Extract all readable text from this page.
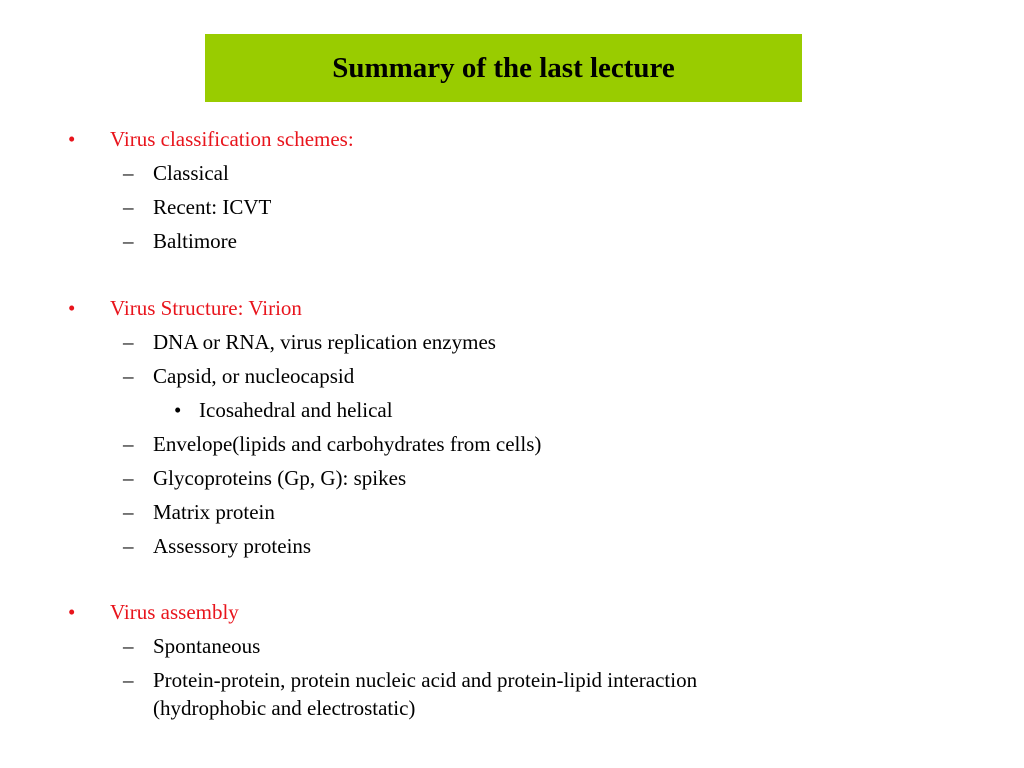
Summary of the last lecture
• Virus classification schemes:
– Classical
– Recent: ICVT
– Baltimore
• Virus Structure: Virion
– DNA or RNA, virus replication enzymes
– Capsid, or nucleocapsid
• Icosahedral and helical
– Envelope(lipids and carbohydrates from cells)
– Glycoproteins (Gp, G): spikes
– Matrix protein
– Assessory proteins
• Virus assembly
– Spontaneous
– Protein-protein, protein nucleic acid and protein-lipid interaction
(hydrophobic and electrostatic)
